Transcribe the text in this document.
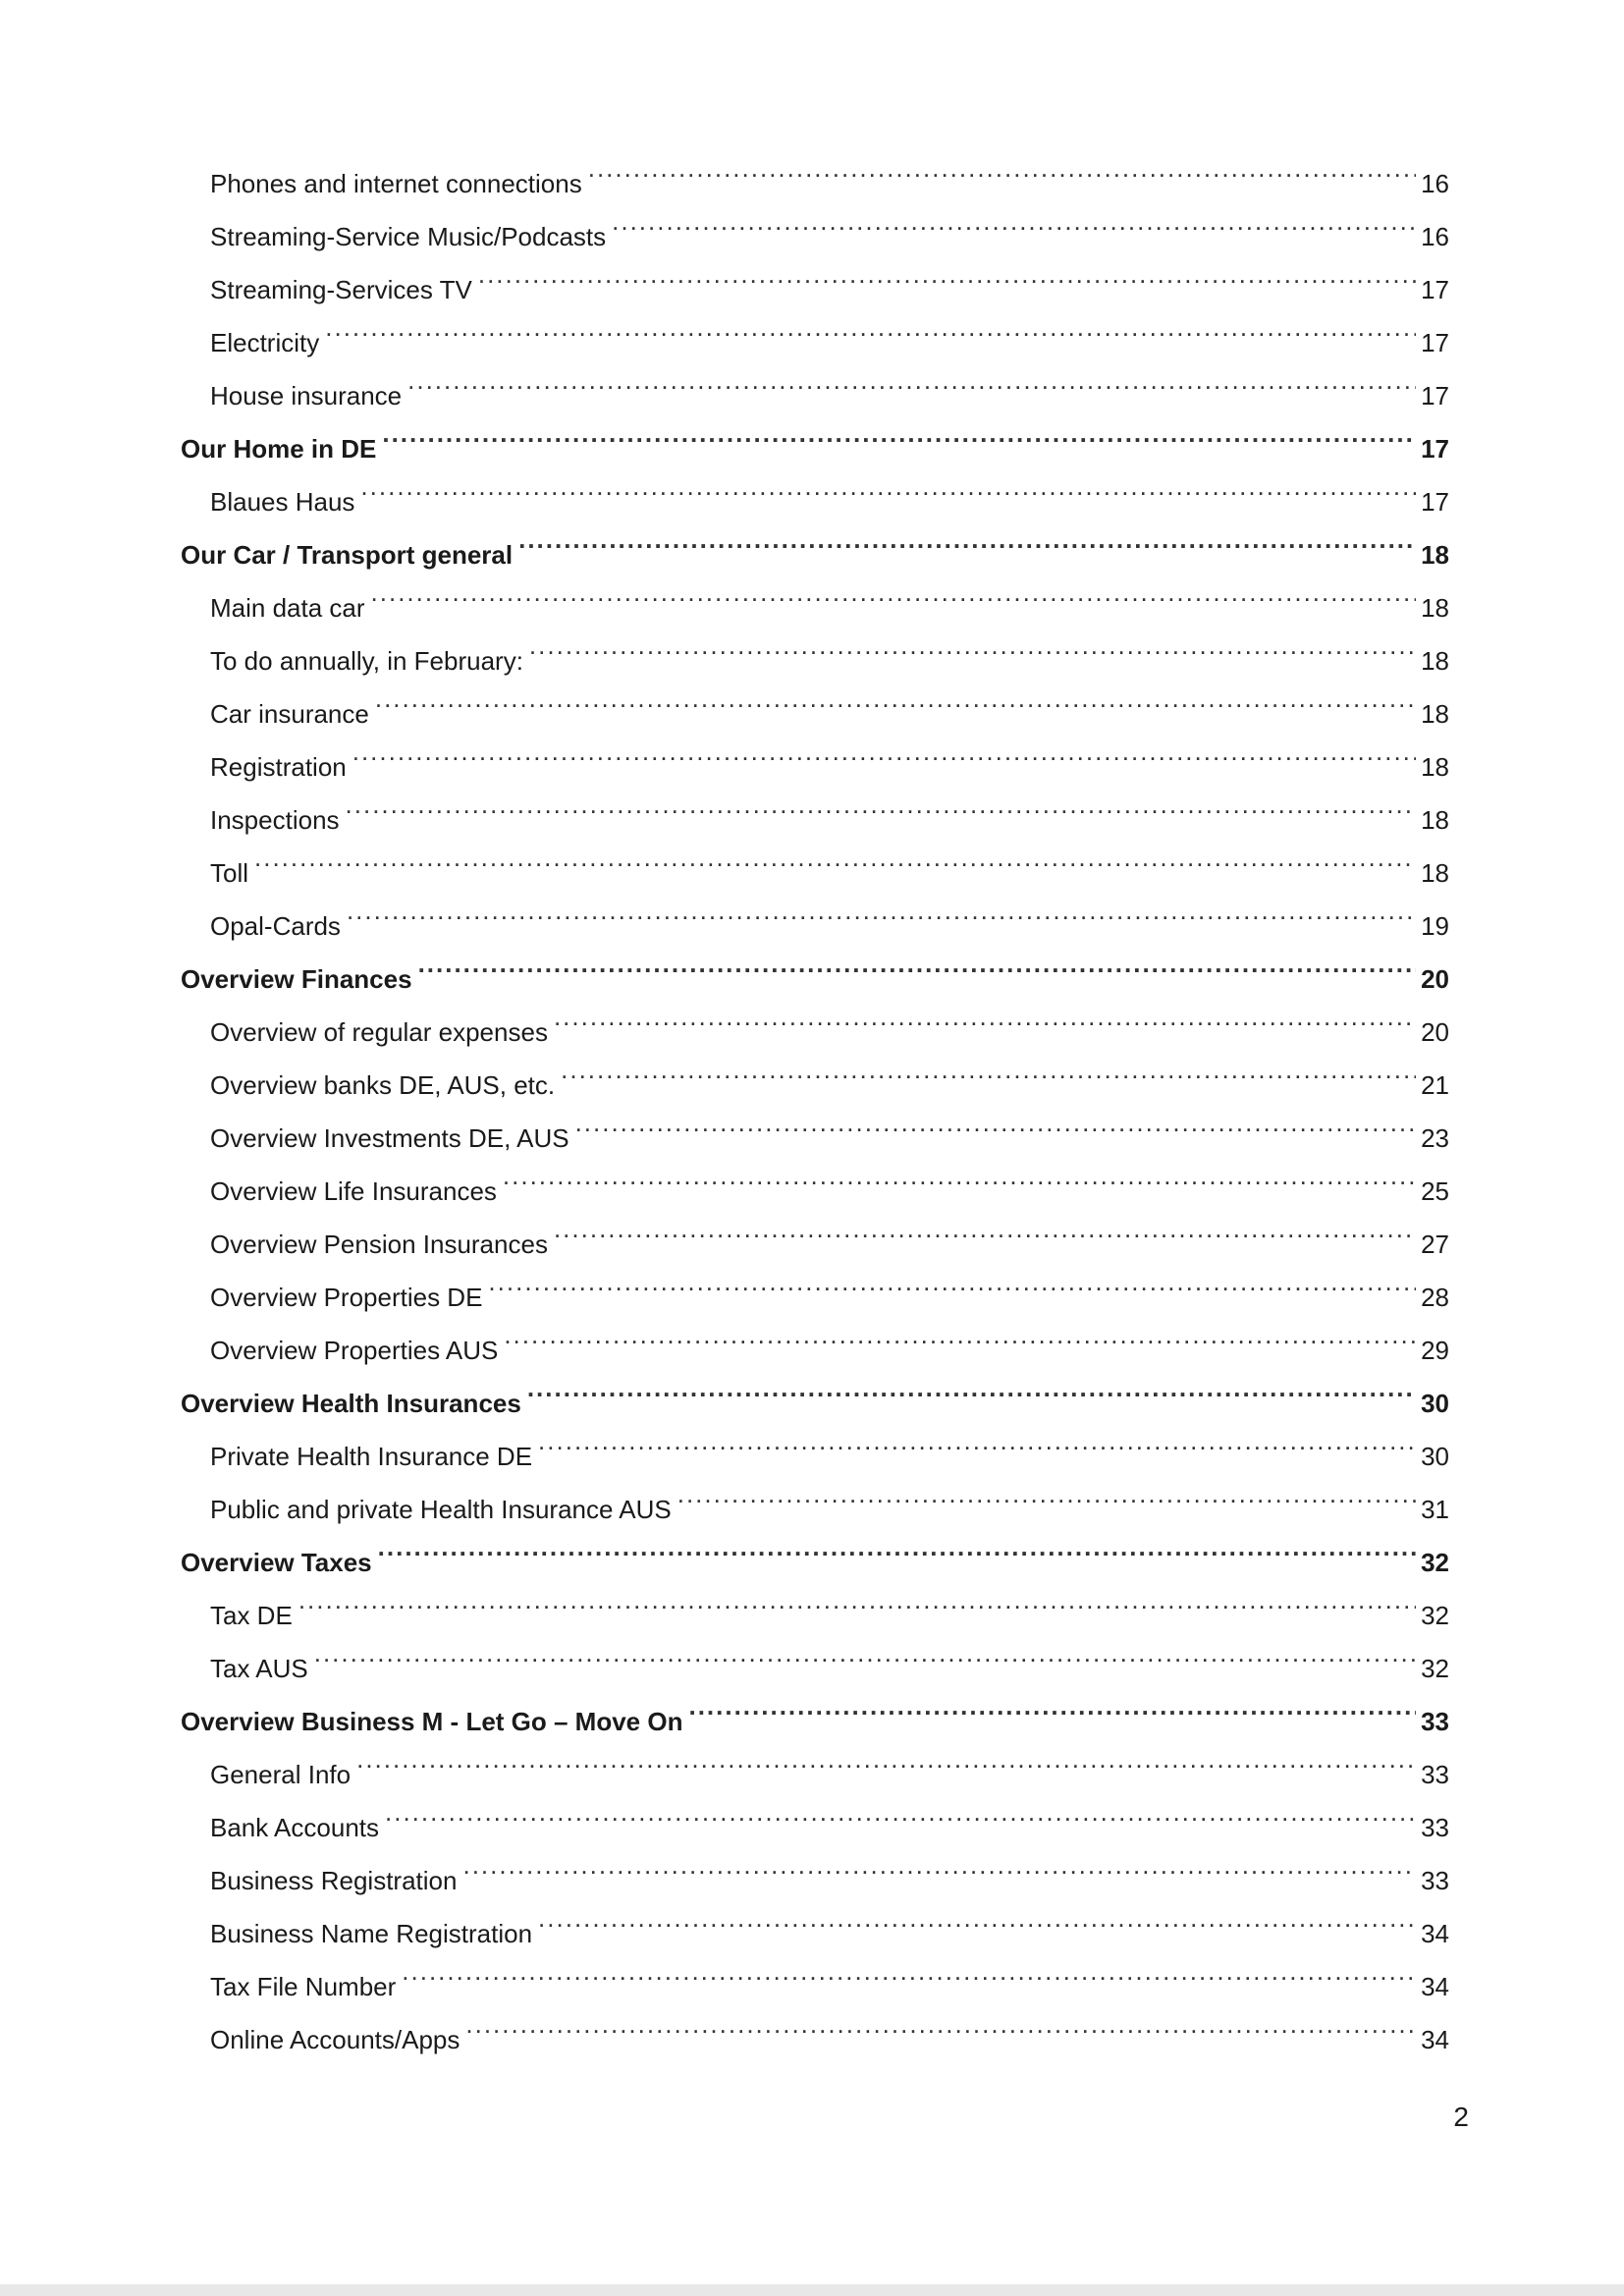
Phones and internet connections .....	16
Streaming-Service Music/Podcasts .....	16
Streaming-Services TV .....	17
Electricity .....	17
House insurance .....	17
Our Home in DE .....	17
Blaues Haus .....	17
Our Car / Transport general .....	18
Main data car .....	18
To do annually, in February: .....	18
Car insurance .....	18
Registration .....	18
Inspections .....	18
Toll .....	18
Opal-Cards .....	19
Overview Finances .....	20
Overview of regular expenses .....	20
Overview banks DE, AUS, etc. .....	21
Overview Investments DE, AUS .....	23
Overview Life Insurances .....	25
Overview Pension Insurances .....	27
Overview Properties DE .....	28
Overview Properties AUS .....	29
Overview Health Insurances .....	30
Private Health Insurance DE .....	30
Public and private Health Insurance AUS .....	31
Overview Taxes .....	32
Tax DE .....	32
Tax AUS .....	32
Overview Business M - Let Go – Move On .....	33
General Info .....	33
Bank Accounts .....	33
Business Registration .....	33
Business Name Registration .....	34
Tax File Number .....	34
Online Accounts/Apps .....	34
2
